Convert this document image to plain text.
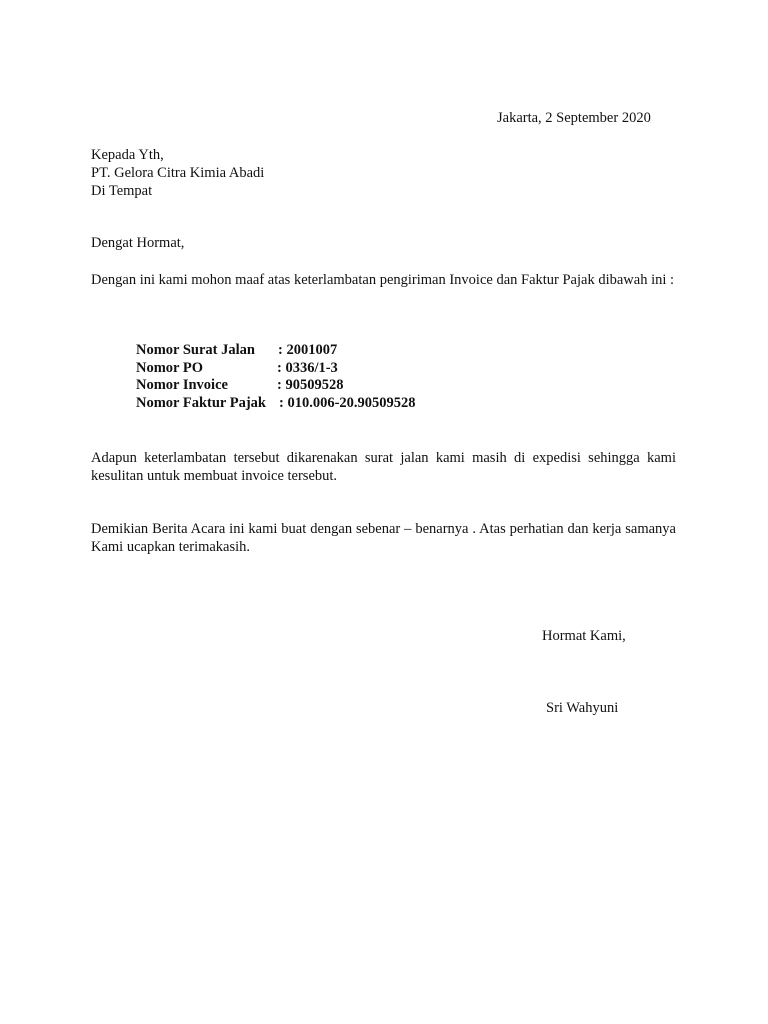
Jakarta, 2 September 2020
Kepada Yth,
PT. Gelora Citra Kimia Abadi
Di Tempat
Dengat Hormat,
Dengan ini kami mohon maaf atas keterlambatan pengiriman Invoice dan Faktur Pajak dibawah ini :
Nomor Surat Jalan	: 2001007
Nomor PO	: 0336/1-3
Nomor Invoice	: 90509528
Nomor Faktur Pajak : 010.006-20.90509528
Adapun keterlambatan tersebut dikarenakan surat jalan kami masih di expedisi sehingga kami kesulitan untuk membuat invoice tersebut.
Demikian Berita Acara ini kami buat dengan sebenar – benarnya . Atas perhatian dan kerja samanya Kami ucapkan terimakasih.
Hormat Kami,
Sri Wahyuni
